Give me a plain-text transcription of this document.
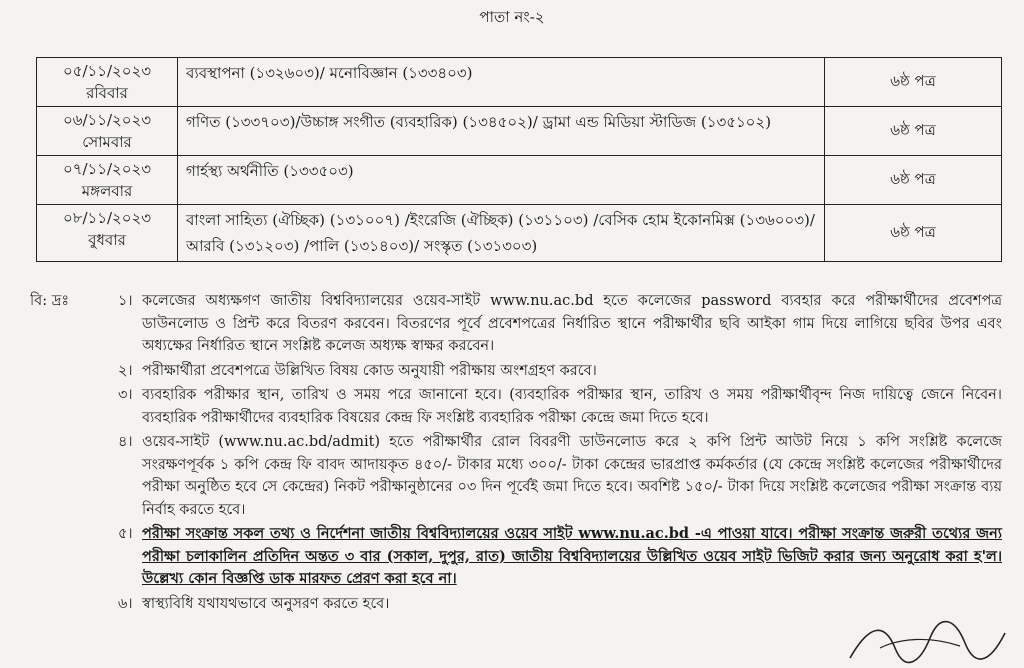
পাতা নং-২
০৫/১১/২০২৩
রবিবার	ব্যবস্থাপনা (১৩২৬০৩)/ মনোবিজ্ঞান (১৩৩৪০৩)	৬ষ্ঠ পত্র

০৬/১১/২০২৩
সোমবার	গণিত (১৩৩৭০৩)/উচ্চাঙ্গ সংগীত (ব্যবহারিক) (১৩৪৫০২)/ ড্রামা এন্ড মিডিয়া স্টাডিজ (১৩৫১০২)	৬ষ্ঠ পত্র

০৭/১১/২০২৩
মঙ্গলবার	গার্হস্থ্য অর্থনীতি (১৩৩৫০৩)	৬ষ্ঠ পত্র

০৮/১১/২০২৩
বুধবার	বাংলা সাহিত্য (ঐচ্ছিক) (১৩১০০৭) /ইংরেজি (ঐচ্ছিক) (১৩১১০৩) /বেসিক হোম ইকোনমিক্স (১৩৬০০৩)/ আরবি (১৩১২০৩) /পালি (১৩১৪০৩)/ সংস্কৃত (১৩১৩০৩)	৬ষ্ঠ পত্র
বি: দ্রঃ	১। কলেজের অধ্যক্ষগণ জাতীয় বিশ্ববিদ্যালয়ের ওয়েব-সাইট www.nu.ac.bd হতে কলেজের password ব্যবহার করে পরীক্ষার্থীদের প্রবেশপত্র ডাউনলোড ও প্রিন্ট করে বিতরণ করবেন। বিতরণের পূর্বে প্রবেশপত্রের নির্ধারিত স্থানে পরীক্ষার্থীর ছবি আইকা গাম দিয়ে লাগিয়ে ছবির উপর এবং অধ্যক্ষের নির্ধারিত স্থানে সংশ্লিষ্ট কলেজ অধ্যক্ষ স্বাক্ষর করবেন।
২। পরীক্ষার্থীরা প্রবেশপত্রে উল্লিখিত বিষয় কোড অনুযায়ী পরীক্ষায় অংশগ্রহণ করবে।
৩। ব্যবহারিক পরীক্ষার স্থান, তারিখ ও সময় পরে জানানো হবে। (ব্যবহারিক পরীক্ষার স্থান, তারিখ ও সময় পরীক্ষার্থীবৃন্দ নিজ দায়িত্বে জেনে নিবেন। ব্যবহারিক পরীক্ষার্থীদের ব্যবহারিক বিষয়ের কেন্দ্র ফি সংশ্লিষ্ট ব্যবহারিক পরীক্ষা কেন্দ্রে জমা দিতে হবে।
৪। ওয়েব-সাইট (www.nu.ac.bd/admit) হতে পরীক্ষার্থীর রোল বিবরণী ডাউনলোড করে ২ কপি প্রিন্ট আউট নিয়ে ১ কপি সংশ্লিষ্ট কলেজে সংরক্ষণপূর্বক ১ কপি কেন্দ্র ফি বাবদ আদায়কৃত ৪৫০/- টাকার মধ্যে ৩০০/- টাকা কেন্দ্রের ভারপ্রাপ্ত কর্মকর্তার (যে কেন্দ্রে সংশ্লিষ্ট কলেজের পরীক্ষার্থীদের পরীক্ষা অনুষ্ঠিত হবে সে কেন্দ্রের) নিকট পরীক্ষানুষ্ঠানের ০৩ দিন পূর্বেই জমা দিতে হবে। অবশিষ্ট ১৫০/- টাকা দিয়ে সংশ্লিষ্ট কলেজের পরীক্ষা সংক্রান্ত ব্যয় নির্বাহ করতে হবে।
৫। পরীক্ষা সংক্রান্ত সকল তথ্য ও নির্দেশনা জাতীয় বিশ্ববিদ্যালয়ের ওয়েব সাইট www.nu.ac.bd -এ পাওয়া যাবে। পরীক্ষা সংক্রান্ত জরুরী তথ্যের জন্য পরীক্ষা চলাকালিন প্রতিদিন অন্তত ৩ বার (সকাল, দুপুর, রাত) জাতীয় বিশ্ববিদ্যালয়ের উল্লিখিত ওয়েব সাইট ভিজিট করার জন্য অনুরোধ করা হ'ল। উল্লেখ্য কোন বিজ্ঞপ্তি ডাক মারফত প্রেরণ করা হবে না।
৬। স্বাস্থ্যবিধি যথাযথভাবে অনুসরণ করতে হবে।
